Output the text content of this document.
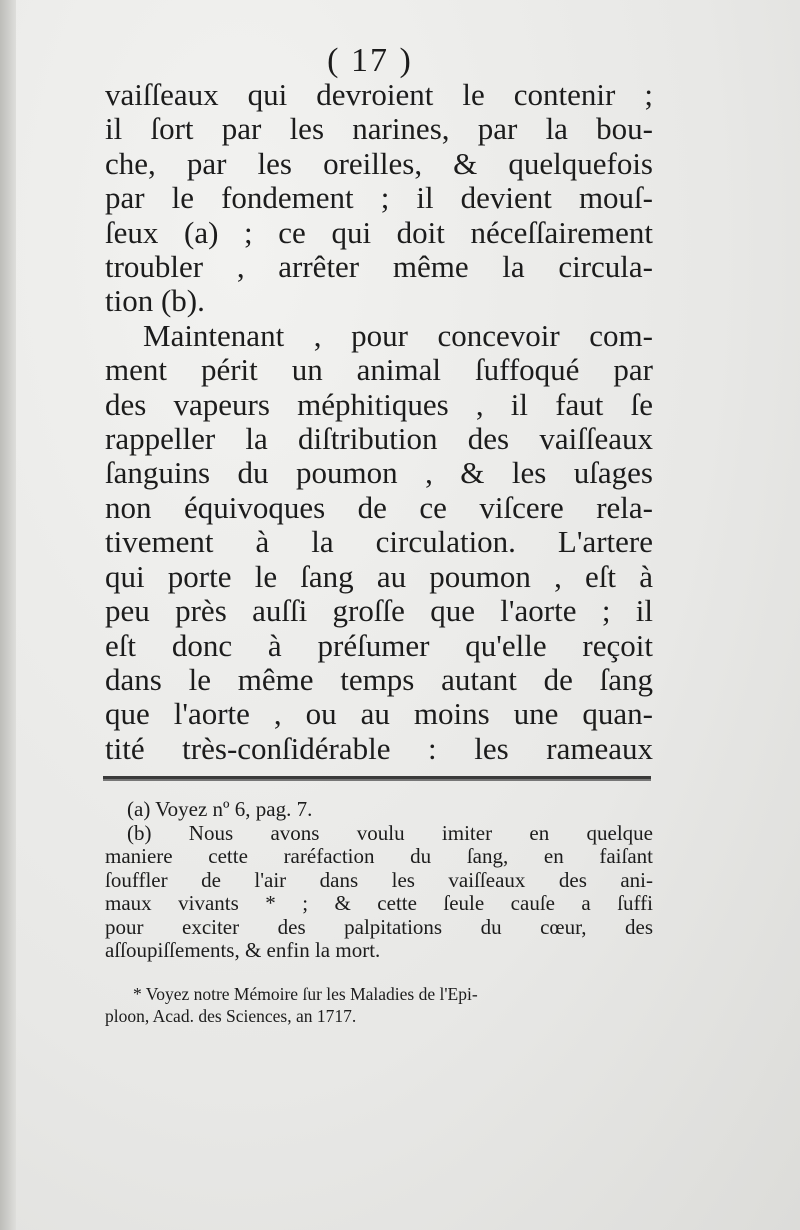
( 17 )
vaiſſeaux qui devroient le contenir ;
il ſort par les narines, par la bou-
che, par les oreilles, & quelquefois
par le fondement ; il devient mouſ-
ſeux (a) ; ce qui doit néceſſairement
troubler , arrêter même la circula-
tion (b).
Maintenant , pour concevoir com-
ment périt un animal ſuffoqué par
des vapeurs méphitiques , il faut ſe
rappeller la diſtribution des vaiſſeaux
ſanguins du poumon , & les uſages
non équivoques de ce viſcere rela-
tivement à la circulation. L'artere
qui porte le ſang au poumon , eſt à
peu près auſſi groſſe que l'aorte ; il
eſt donc à préſumer qu'elle reçoit
dans le même temps autant de ſang
que l'aorte , ou au moins une quan-
tité très-conſidérable : les rameaux
(a) Voyez nº 6, pag. 7.
(b) Nous avons voulu imiter en quelque
maniere cette raréfaction du ſang, en faiſant
ſouffler de l'air dans les vaiſſeaux des ani-
maux vivants * ; & cette ſeule cauſe a ſuffi
pour exciter des palpitations du cœur, des
aſſoupiſſements, & enfin la mort.
* Voyez notre Mémoire ſur les Maladies de l'Epi-
ploon, Acad. des Sciences, an 1717.
